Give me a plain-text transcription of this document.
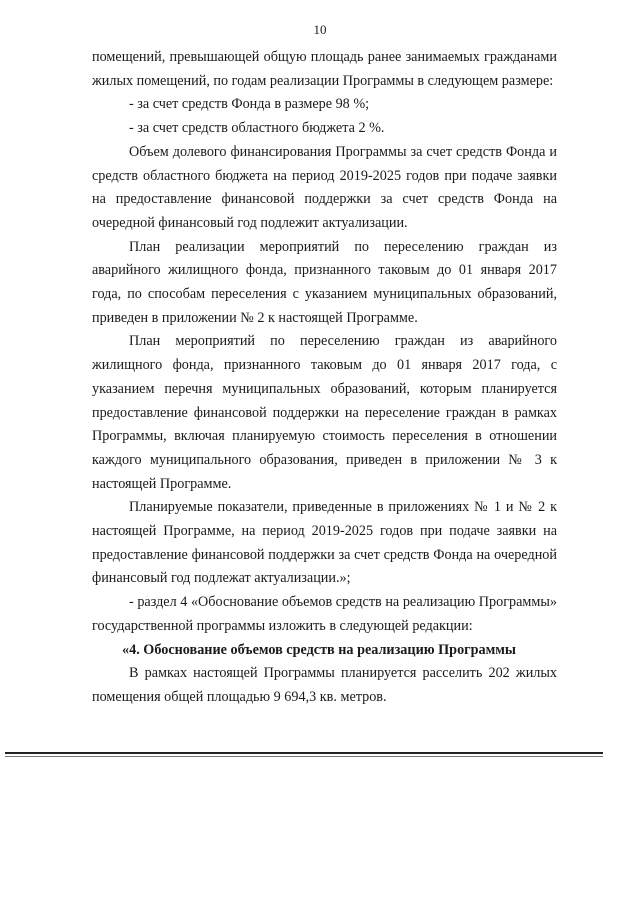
10

помещений, превышающей общую площадь ранее занимаемых гражданами жилых помещений, по годам реализации Программы в следующем размере:

- за счет средств Фонда в размере 98 %;

- за счет средств областного бюджета 2 %.

Объем долевого финансирования Программы за счет средств Фонда и средств областного бюджета на период 2019-2025 годов при подаче заявки на предоставление финансовой поддержки за счет средств Фонда на очередной финансовый год подлежит актуализации.

План реализации мероприятий по переселению граждан из аварийного жилищного фонда, признанного таковым до 01 января 2017 года, по способам переселения с указанием муниципальных образований, приведен в приложении № 2 к настоящей Программе.

План мероприятий по переселению граждан из аварийного жилищного фонда, признанного таковым до 01 января 2017 года, с указанием перечня муниципальных образований, которым планируется предоставление финансовой поддержки на переселение граждан в рамках Программы, включая планируемую стоимость переселения в отношении каждого муниципального образования, приведен в приложении № 3 к настоящей Программе.

Планируемые показатели, приведенные в приложениях № 1 и № 2 к настоящей Программе, на период 2019-2025 годов при подаче заявки на предоставление финансовой поддержки за счет средств Фонда на очередной финансовый год подлежат актуализации.»;

- раздел 4 «Обоснование объемов средств на реализацию Программы» государственной программы изложить в следующей редакции:

«4. Обоснование объемов средств на реализацию Программы

В рамках настоящей Программы планируется расселить 202 жилых помещения общей площадью 9 694,3 кв. метров.
